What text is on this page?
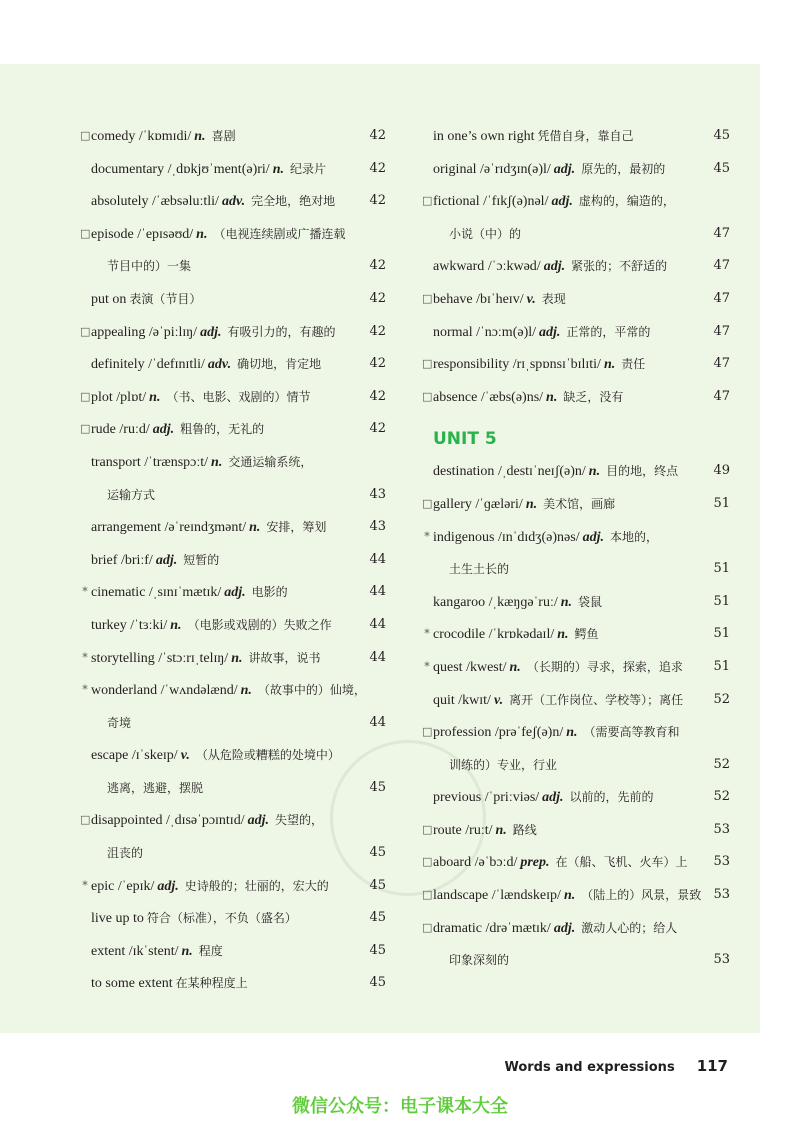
□ comedy /ˈkɒmɪdi/ n. 喜剧	42
documentary /ˌdɒkjʊˈment(ə)ri/ n. 纪录片	42
absolutely /ˈæbsəluːtli/ adv. 完全地，绝对地	42
□ episode /ˈepɪsəʊd/ n. （电视连续剧或广播连载
节目中的）一集	42
put on 表演（节目）	42
□ appealing /əˈpiːlɪŋ/ adj. 有吸引力的，有趣的	42
definitely /ˈdefɪnɪtli/ adv. 确切地，肯定地	42
□ plot /plɒt/ n. （书、电影、戏剧的）情节	42
□ rude /ruːd/ adj. 粗鲁的，无礼的	42
transport /ˈtrænspɔːt/ n. 交通运输系统，
运输方式	43
arrangement /əˈreɪndʒmənt/ n. 安排，筹划	43
brief /briːf/ adj. 短暂的	44
* cinematic /ˌsɪnɪˈmætɪk/ adj. 电影的	44
turkey /ˈtɜːki/ n. （电影或戏剧的）失败之作	44
* storytelling /ˈstɔːrɪˌtelɪŋ/ n. 讲故事，说书	44
* wonderland /ˈwʌndəlænd/ n. （故事中的）仙境，
奇境	44
escape /ɪˈskeɪp/ v. （从危险或糟糕的处境中）
逃离，逃避，摆脱	45
□ disappointed /ˌdɪsəˈpɔɪntɪd/ adj. 失望的，
沮丧的	45
* epic /ˈepɪk/ adj. 史诗般的；壮丽的，宏大的	45
live up to 符合（标准），不负（盛名）	45
extent /ɪkˈstent/ n. 程度	45
to some extent 在某种程度上	45
in one’s own right 凭借自身，靠自己	45
original /əˈrɪdʒɪn(ə)l/ adj. 原先的，最初的	45
□ fictional /ˈfɪkʃ(ə)nəl/ adj. 虚构的，编造的，
小说（中）的	47
awkward /ˈɔːkwəd/ adj. 紧张的；不舒适的	47
□ behave /bɪˈheɪv/ v. 表现	47
normal /ˈnɔːm(ə)l/ adj. 正常的，平常的	47
□ responsibility /rɪˌspɒnsɪˈbɪlɪti/ n. 责任	47
□ absence /ˈæbs(ə)ns/ n. 缺乏，没有	47
UNIT 5
destination /ˌdestɪˈneɪʃ(ə)n/ n. 目的地，终点	49
□ gallery /ˈɡæləri/ n. 美术馆，画廊	51
* indigenous /ɪnˈdɪdʒ(ə)nəs/ adj. 本地的，
土生土长的	51
kangaroo /ˌkæŋɡəˈruː/ n. 袋鼠	51
* crocodile /ˈkrɒkədaɪl/ n. 鳄鱼	51
* quest /kwest/ n. （长期的）寻求，探索，追求 51
quit /kwɪt/ v. 离开（工作岗位、学校等）；离任 52
□ profession /prəˈfeʃ(ə)n/ n. （需要高等教育和
训练的）专业，行业	52
previous /ˈpriːviəs/ adj. 以前的，先前的	52
□ route /ruːt/ n. 路线	53
□ aboard /əˈbɔːd/ prep. 在（船、飞机、火车）上 53
□ landscape /ˈlændskeɪp/ n. （陆上的）风景，景致 53
□ dramatic /drəˈmætɪk/ adj. 激动人心的；给人
印象深刻的	53
Words and expressions 117
微信公众号：电子课本大全
